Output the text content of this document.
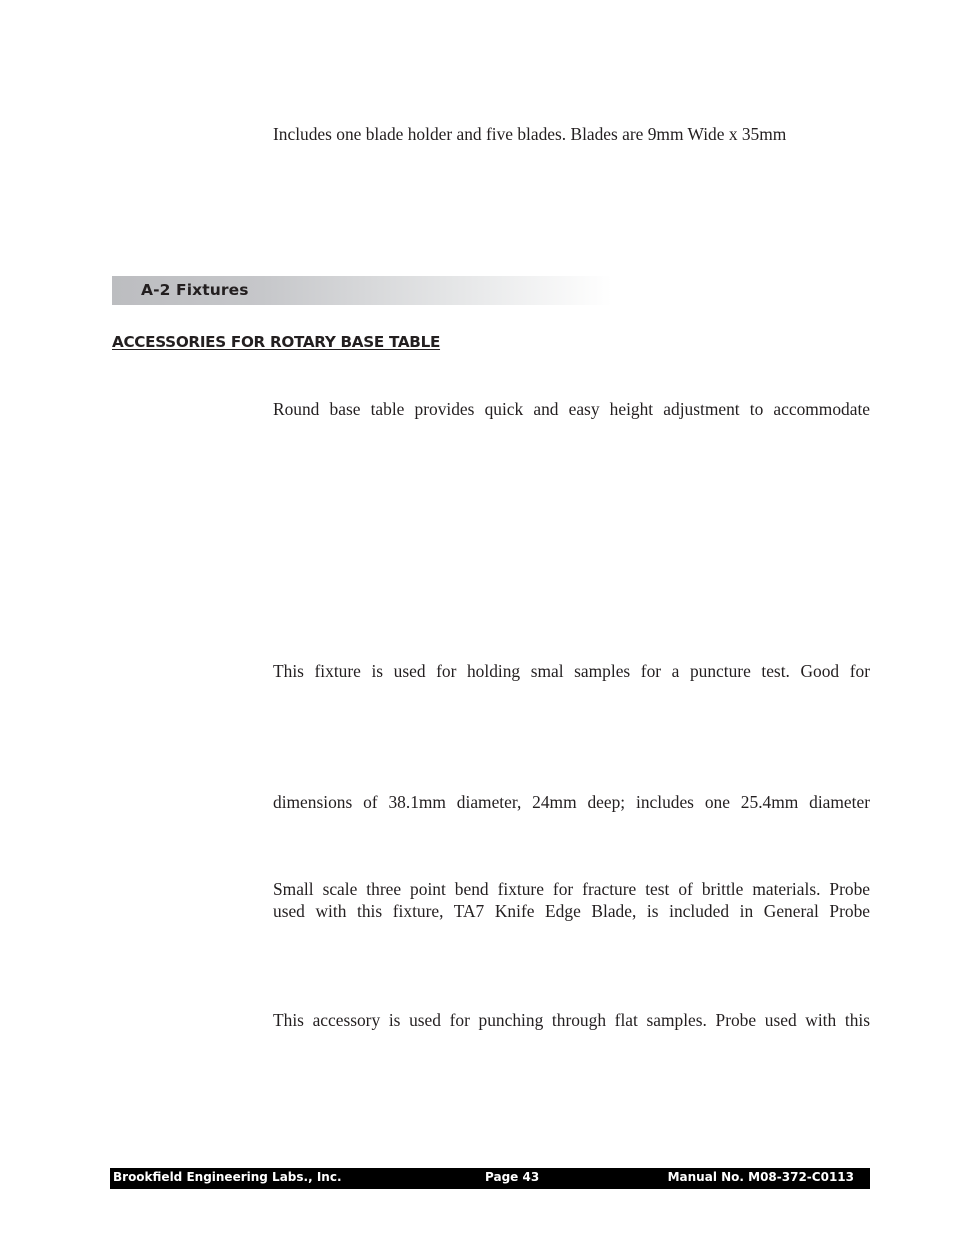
Includes one blade holder and five blades. Blades are 9mm Wide x 35mm
A-2 Fixtures
ACCESSORIES FOR ROTARY BASE TABLE
Round base table provides quick and easy height adjustment to accommodate
This fixture is used for holding smal samples for a puncture test. Good for
dimensions of 38.1mm diameter, 24mm deep; includes one 25.4mm diameter
Small scale three point bend fixture for fracture test of brittle materials. Probe
used with this fixture, TA7 Knife Edge Blade, is included in General Probe
This accessory is used for punching through flat samples. Probe used with this
Brookfield Engineering Labs., Inc.	Page 43	Manual No. M08-372-C0113
